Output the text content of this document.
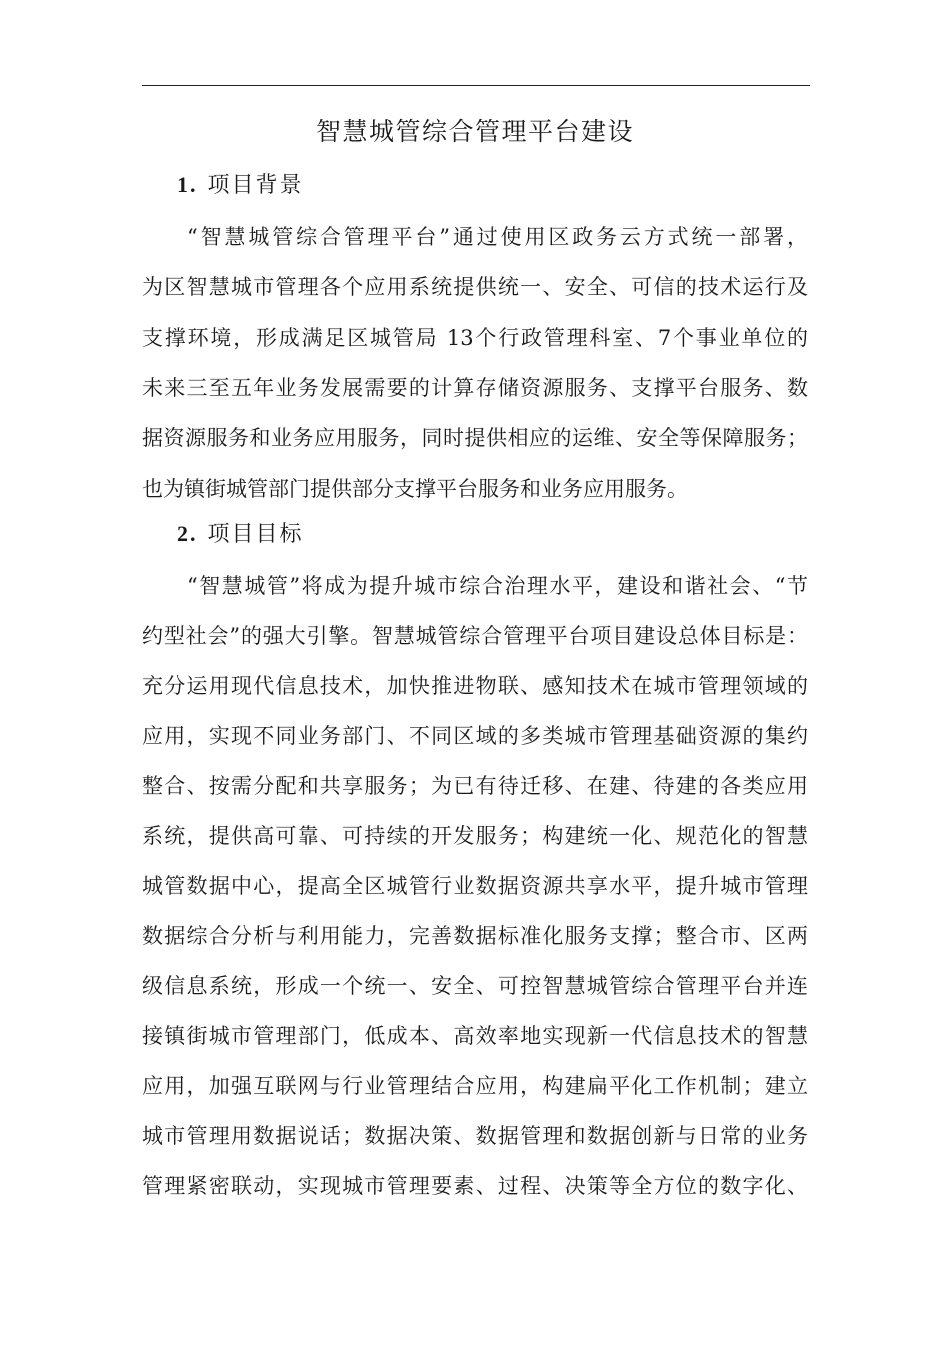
智慧城管综合管理平台建设
1. 项目背景
“智慧城管综合管理平台”通过使用区政务云方式统一部署，
为区智慧城市管理各个应用系统提供统一、安全、可信的技术运行及
支撑环境，形成满足区城管局 13个行政管理科室、7个事业单位的
未来三至五年业务发展需要的计算存储资源服务、支撑平台服务、数
据资源服务和业务应用服务，同时提供相应的运维、安全等保障服务；
也为镇街城管部门提供部分支撑平台服务和业务应用服务。
2. 项目目标
“智慧城管”将成为提升城市综合治理水平，建设和谐社会、“节
约型社会”的强大引擎。智慧城管综合管理平台项目建设总体目标是：
充分运用现代信息技术，加快推进物联、感知技术在城市管理领域的
应用，实现不同业务部门、不同区域的多类城市管理基础资源的集约
整合、按需分配和共享服务；为已有待迁移、在建、待建的各类应用
系统，提供高可靠、可持续的开发服务；构建统一化、规范化的智慧
城管数据中心，提高全区城管行业数据资源共享水平，提升城市管理
数据综合分析与利用能力，完善数据标准化服务支撑；整合市、区两
级信息系统，形成一个统一、安全、可控智慧城管综合管理平台并连
接镇街城市管理部门，低成本、高效率地实现新一代信息技术的智慧
应用，加强互联网与行业管理结合应用，构建扁平化工作机制；建立
城市管理用数据说话；数据决策、数据管理和数据创新与日常的业务
管理紧密联动，实现城市管理要素、过程、决策等全方位的数字化、
